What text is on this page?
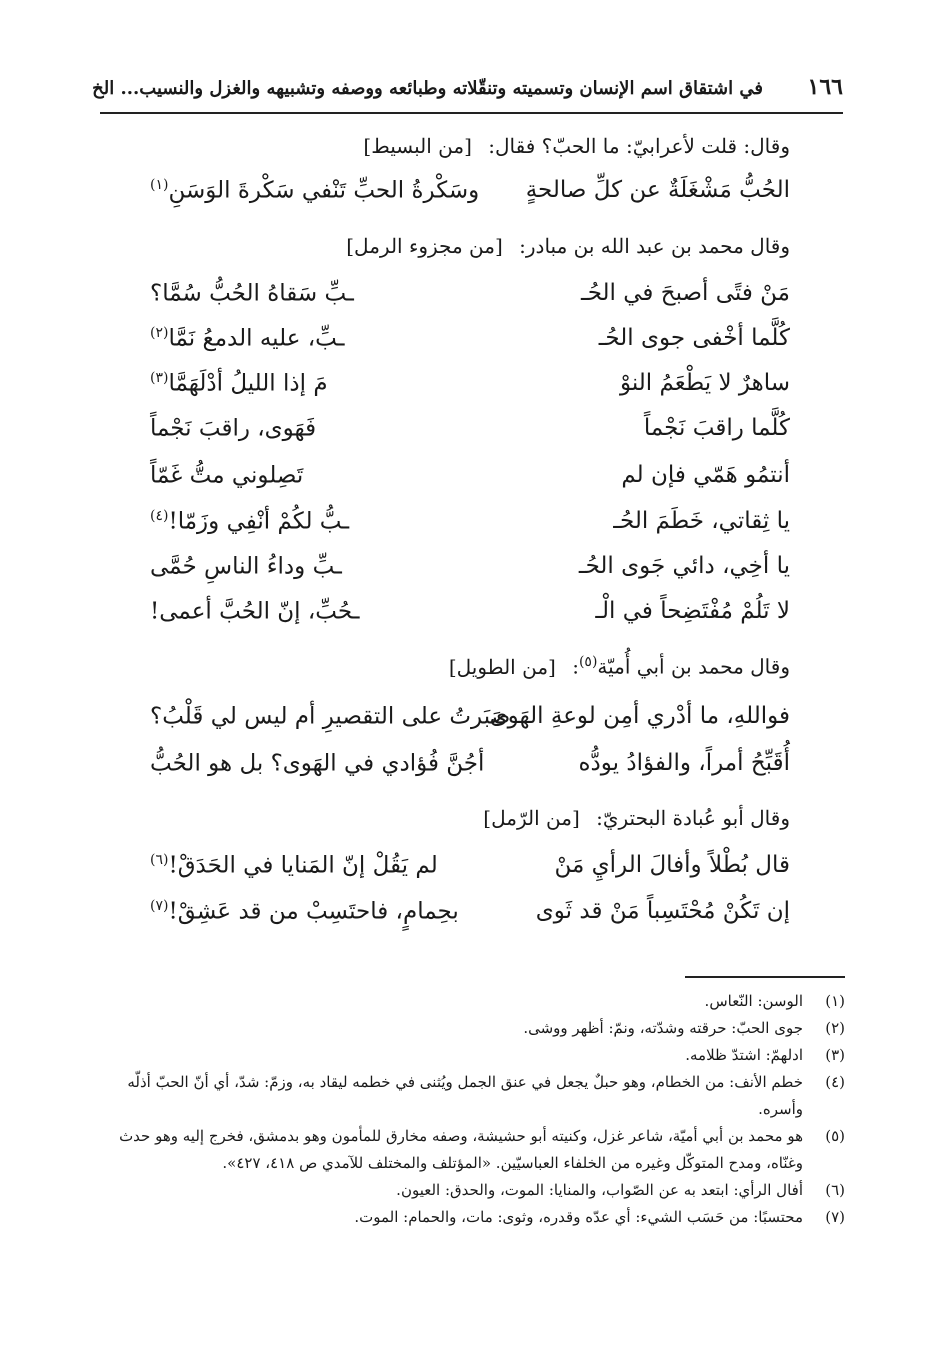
١٦٦
في اشتقاق اسم الإنسان وتسميته وتنقّلاته وطبائعه ووصفه وتشبيهه والغزل والنسيب... الخ
وقال: قلت لأعرابيّ: ما الحبّ؟ فقال: [من البسيط]
الحُبُّ مَشْغَلَةٌ عن كلِّ صالحةٍ
وسَكْرةُ الحبِّ تَنْفي سَكْرةَ الوَسَنِ$^{(١)}$
وقال محمد بن عبد الله بن مبادر: [من مجزوء الرمل]
مَنْ فتًى أصبحَ في الحُـ
ـبِّ سَقاهُ الحُبُّ سُمَّا؟
كُلَّما أخْفى جوى الحُـ
ـبِّ، عليه الدمعُ نَمَّا$^{(٢)}$
ساهرٌ لا يَطْعَمُ النوْ
مَ إذا الليلُ أدْلَهَمَّا$^{(٣)}$
كُلَّما راقبَ نَجْماً
فَهَوى، راقبَ نَجْماً
أنتمُو هَمّي فإن لم
تَصِلوني متُّ غَمّاً
يا ثِقاتي، خَطَمَ الحُـ
ـبُّ لكُمْ أنْفِي وزَمّا!$^{(٤)}$
يا أخِي، دائي جَوى الحُـ
ـبِّ وداءُ الناسِ حُمَّى
لا تَلُمْ مُفْتَضِحاً في الْـ
ـحُبِّ، إنّ الحُبَّ أعمى!
وقال محمد بن أبي أُميّة$^{(٥)}$: [من الطويل]
فواللهِ، ما أدْري أمِن لوعةِ الهَوى
صَبَرتُ على التقصيرِ أم ليس لي قَلْبُ؟
أُقَبِّحُ أمراً، والفؤادُ يودُّه
أجُنَّ فُؤادي في الهَوى؟ بل هو الحُبُّ
وقال أبو عُبادة البحتريّ: [من الرّمل]
قال بُطْلاً وأفالَ الرأيِ مَنْ
لم يَقُلْ إنّ المَنايا في الحَدَقْ!$^{(٦)}$
إن تَكُنْ مُحْتَسِباً مَنْ قد ثَوى
بحِمامٍ، فاحتَسِبْ من قد عَشِقْ!$^{(٧)}$
(١)
الوسن: النّعاس.
(٢)
جوى الحبّ: حرقته وشدّته، ونمّ: أظهر ووشى.
(٣)
ادلهمّ: اشتدّ ظلامه.
(٤)
خطم الأنف: من الخطام، وهو حبلٌ يجعل في عنق الجمل ويُثنى في خطمه ليقاد به، وزمّ: شدّ، أي أنّ الحبّ أذلّه وأسره.
(٥)
هو محمد بن أبي أميّة، شاعر غزل، وكنيته أبو حشيشة، وصفه مخارق للمأمون وهو بدمشق، فخرج إليه وهو حدث وغنّاه، ومدح المتوكّل وغيره من الخلفاء العباسيّين. «المؤتلف والمختلف للآمدي ص ٤١٨، ٤٢٧».
(٦)
أفال الرأي: ابتعد به عن الصّواب، والمنايا: الموت، والحدق: العيون.
(٧)
محتسبًا: من حَسَب الشيء: أي عدّه وقدره، وثوى: مات، والحمام: الموت.
